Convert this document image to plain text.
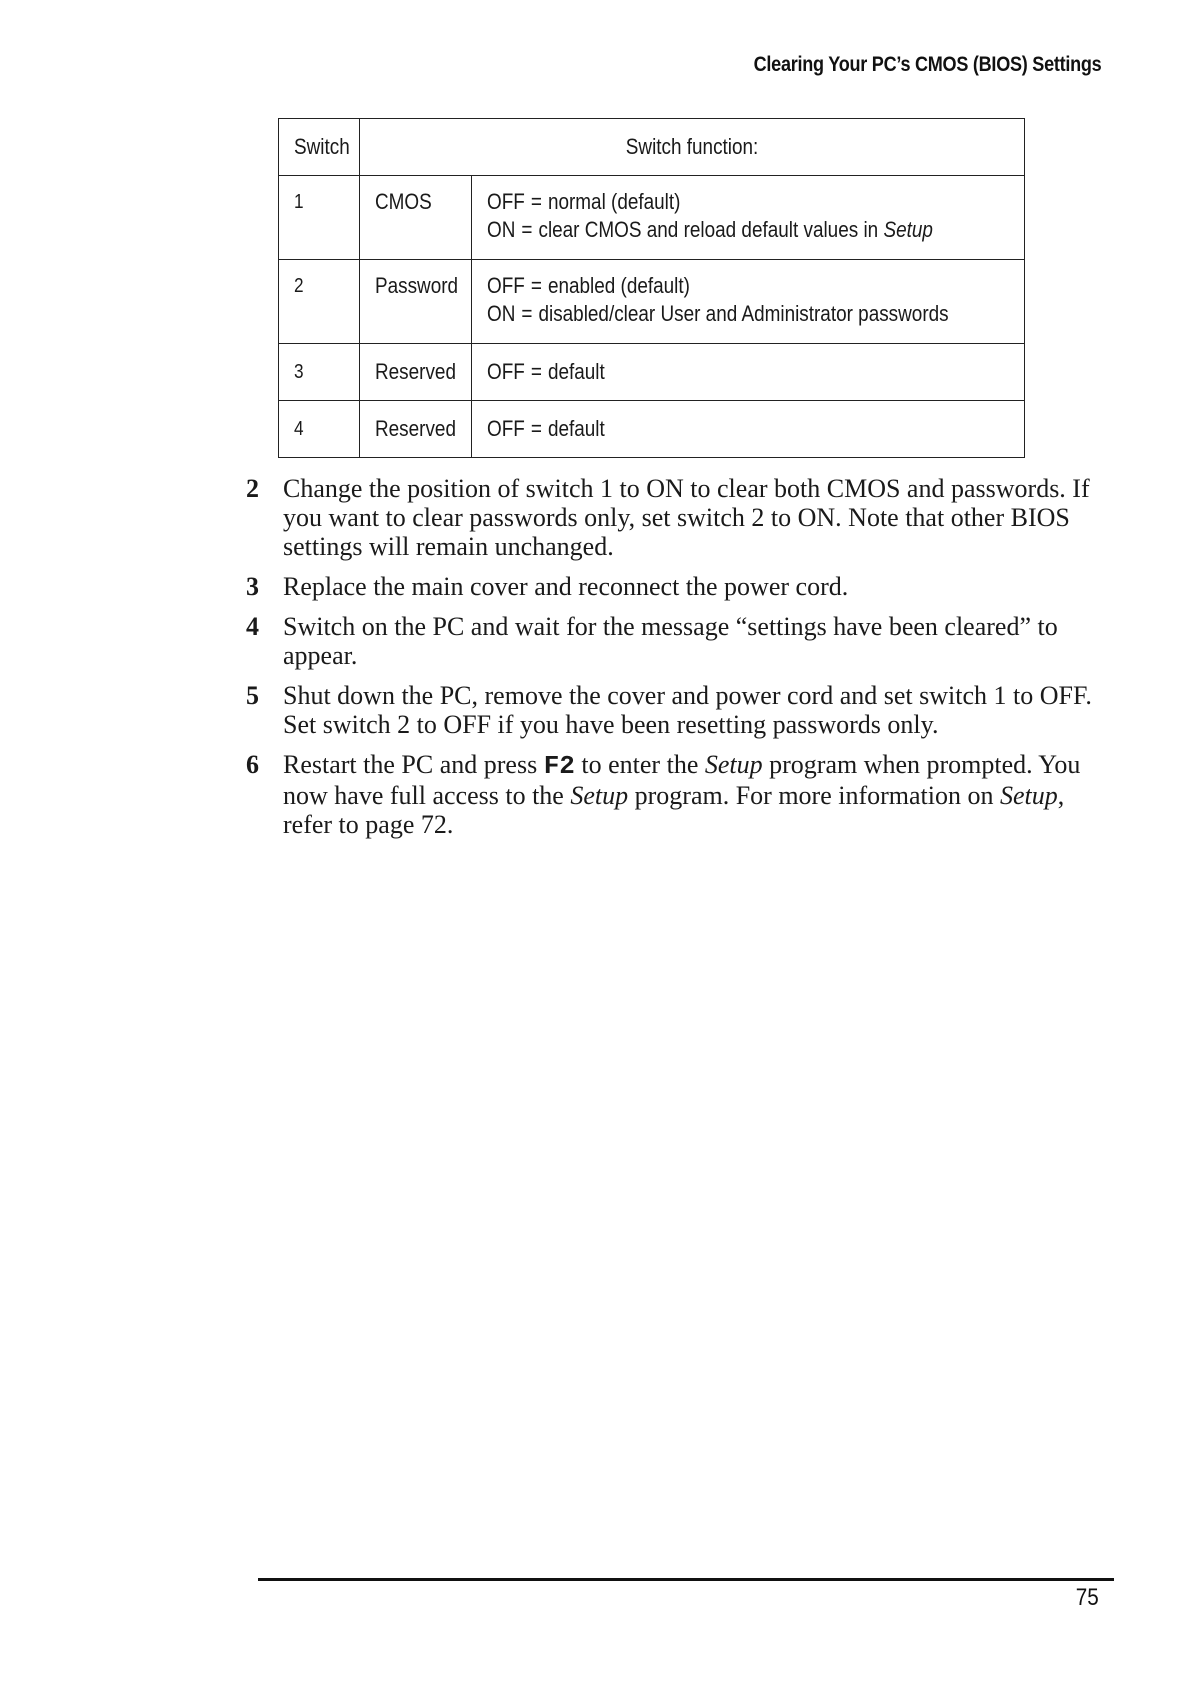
Clearing Your PC’s CMOS (BIOS) Settings
Switch	Switch function:	
1	CMOS	OFF = normal (default)
ON = clear CMOS and reload default values in Setup

2	Password	OFF = enabled (default)
ON = disabled/clear User and Administrator passwords

3	Reserved	OFF = default

4	Reserved	OFF = default
2 Change the position of switch 1 to ON to clear both CMOS and passwords. If you want to clear passwords only, set switch 2 to ON. Note that other BIOS settings will remain unchanged.
3 Replace the main cover and reconnect the power cord.
4 Switch on the PC and wait for the message “settings have been cleared” to appear.
5 Shut down the PC, remove the cover and power cord and set switch 1 to OFF. Set switch 2 to OFF if you have been resetting passwords only.
6 Restart the PC and press F2 to enter the Setup program when prompted. You now have full access to the Setup program. For more information on Setup, refer to page 72.
75
